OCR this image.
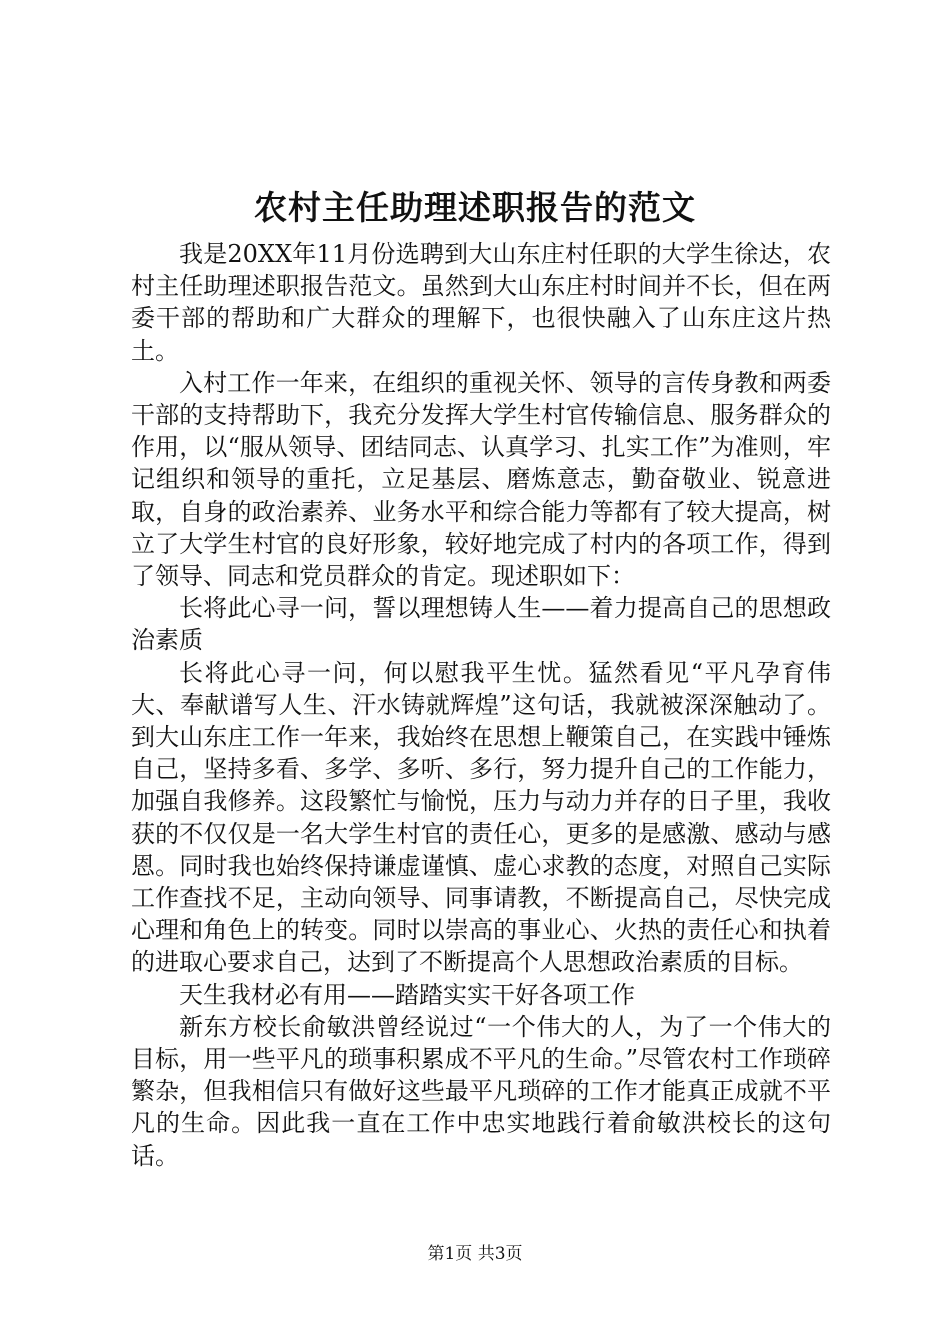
农村主任助理述职报告的范文

我是20XX年11月份选聘到大山东庄村任职的大学生徐达，农村主任助理述职报告范文。虽然到大山东庄村时间并不长，但在两委干部的帮助和广大群众的理解下，也很快融入了山东庄这片热土。

入村工作一年来，在组织的重视关怀、领导的言传身教和两委干部的支持帮助下，我充分发挥大学生村官传输信息、服务群众的作用，以“服从领导、团结同志、认真学习、扎实工作”为准则，牢记组织和领导的重托，立足基层、磨炼意志，勤奋敬业、锐意进取，自身的政治素养、业务水平和综合能力等都有了较大提高，树立了大学生村官的良好形象，较好地完成了村内的各项工作，得到了领导、同志和党员群众的肯定。现述职如下：

长将此心寻一问，誓以理想铸人生——着力提高自己的思想政治素质

长将此心寻一问，何以慰我平生忧。猛然看见“平凡孕育伟大、奉献谱写人生、汗水铸就辉煌”这句话，我就被深深触动了。到大山东庄工作一年来，我始终在思想上鞭策自己，在实践中锤炼自己，坚持多看、多学、多听、多行，努力提升自己的工作能力，加强自我修养。这段繁忙与愉悦，压力与动力并存的日子里，我收获的不仅仅是一名大学生村官的责任心，更多的是感激、感动与感恩。同时我也始终保持谦虚谨慎、虚心求教的态度，对照自己实际工作查找不足，主动向领导、同事请教，不断提高自己，尽快完成心理和角色上的转变。同时以崇高的事业心、火热的责任心和执着的进取心要求自己，达到了不断提高个人思想政治素质的目标。

天生我材必有用——踏踏实实干好各项工作

新东方校长俞敏洪曾经说过“一个伟大的人，为了一个伟大的目标，用一些平凡的琐事积累成不平凡的生命。”尽管农村工作琐碎繁杂，但我相信只有做好这些最平凡琐碎的工作才能真正成就不平凡的生命。因此我一直在工作中忠实地践行着俞敏洪校长的这句话。

第1页 共3页
